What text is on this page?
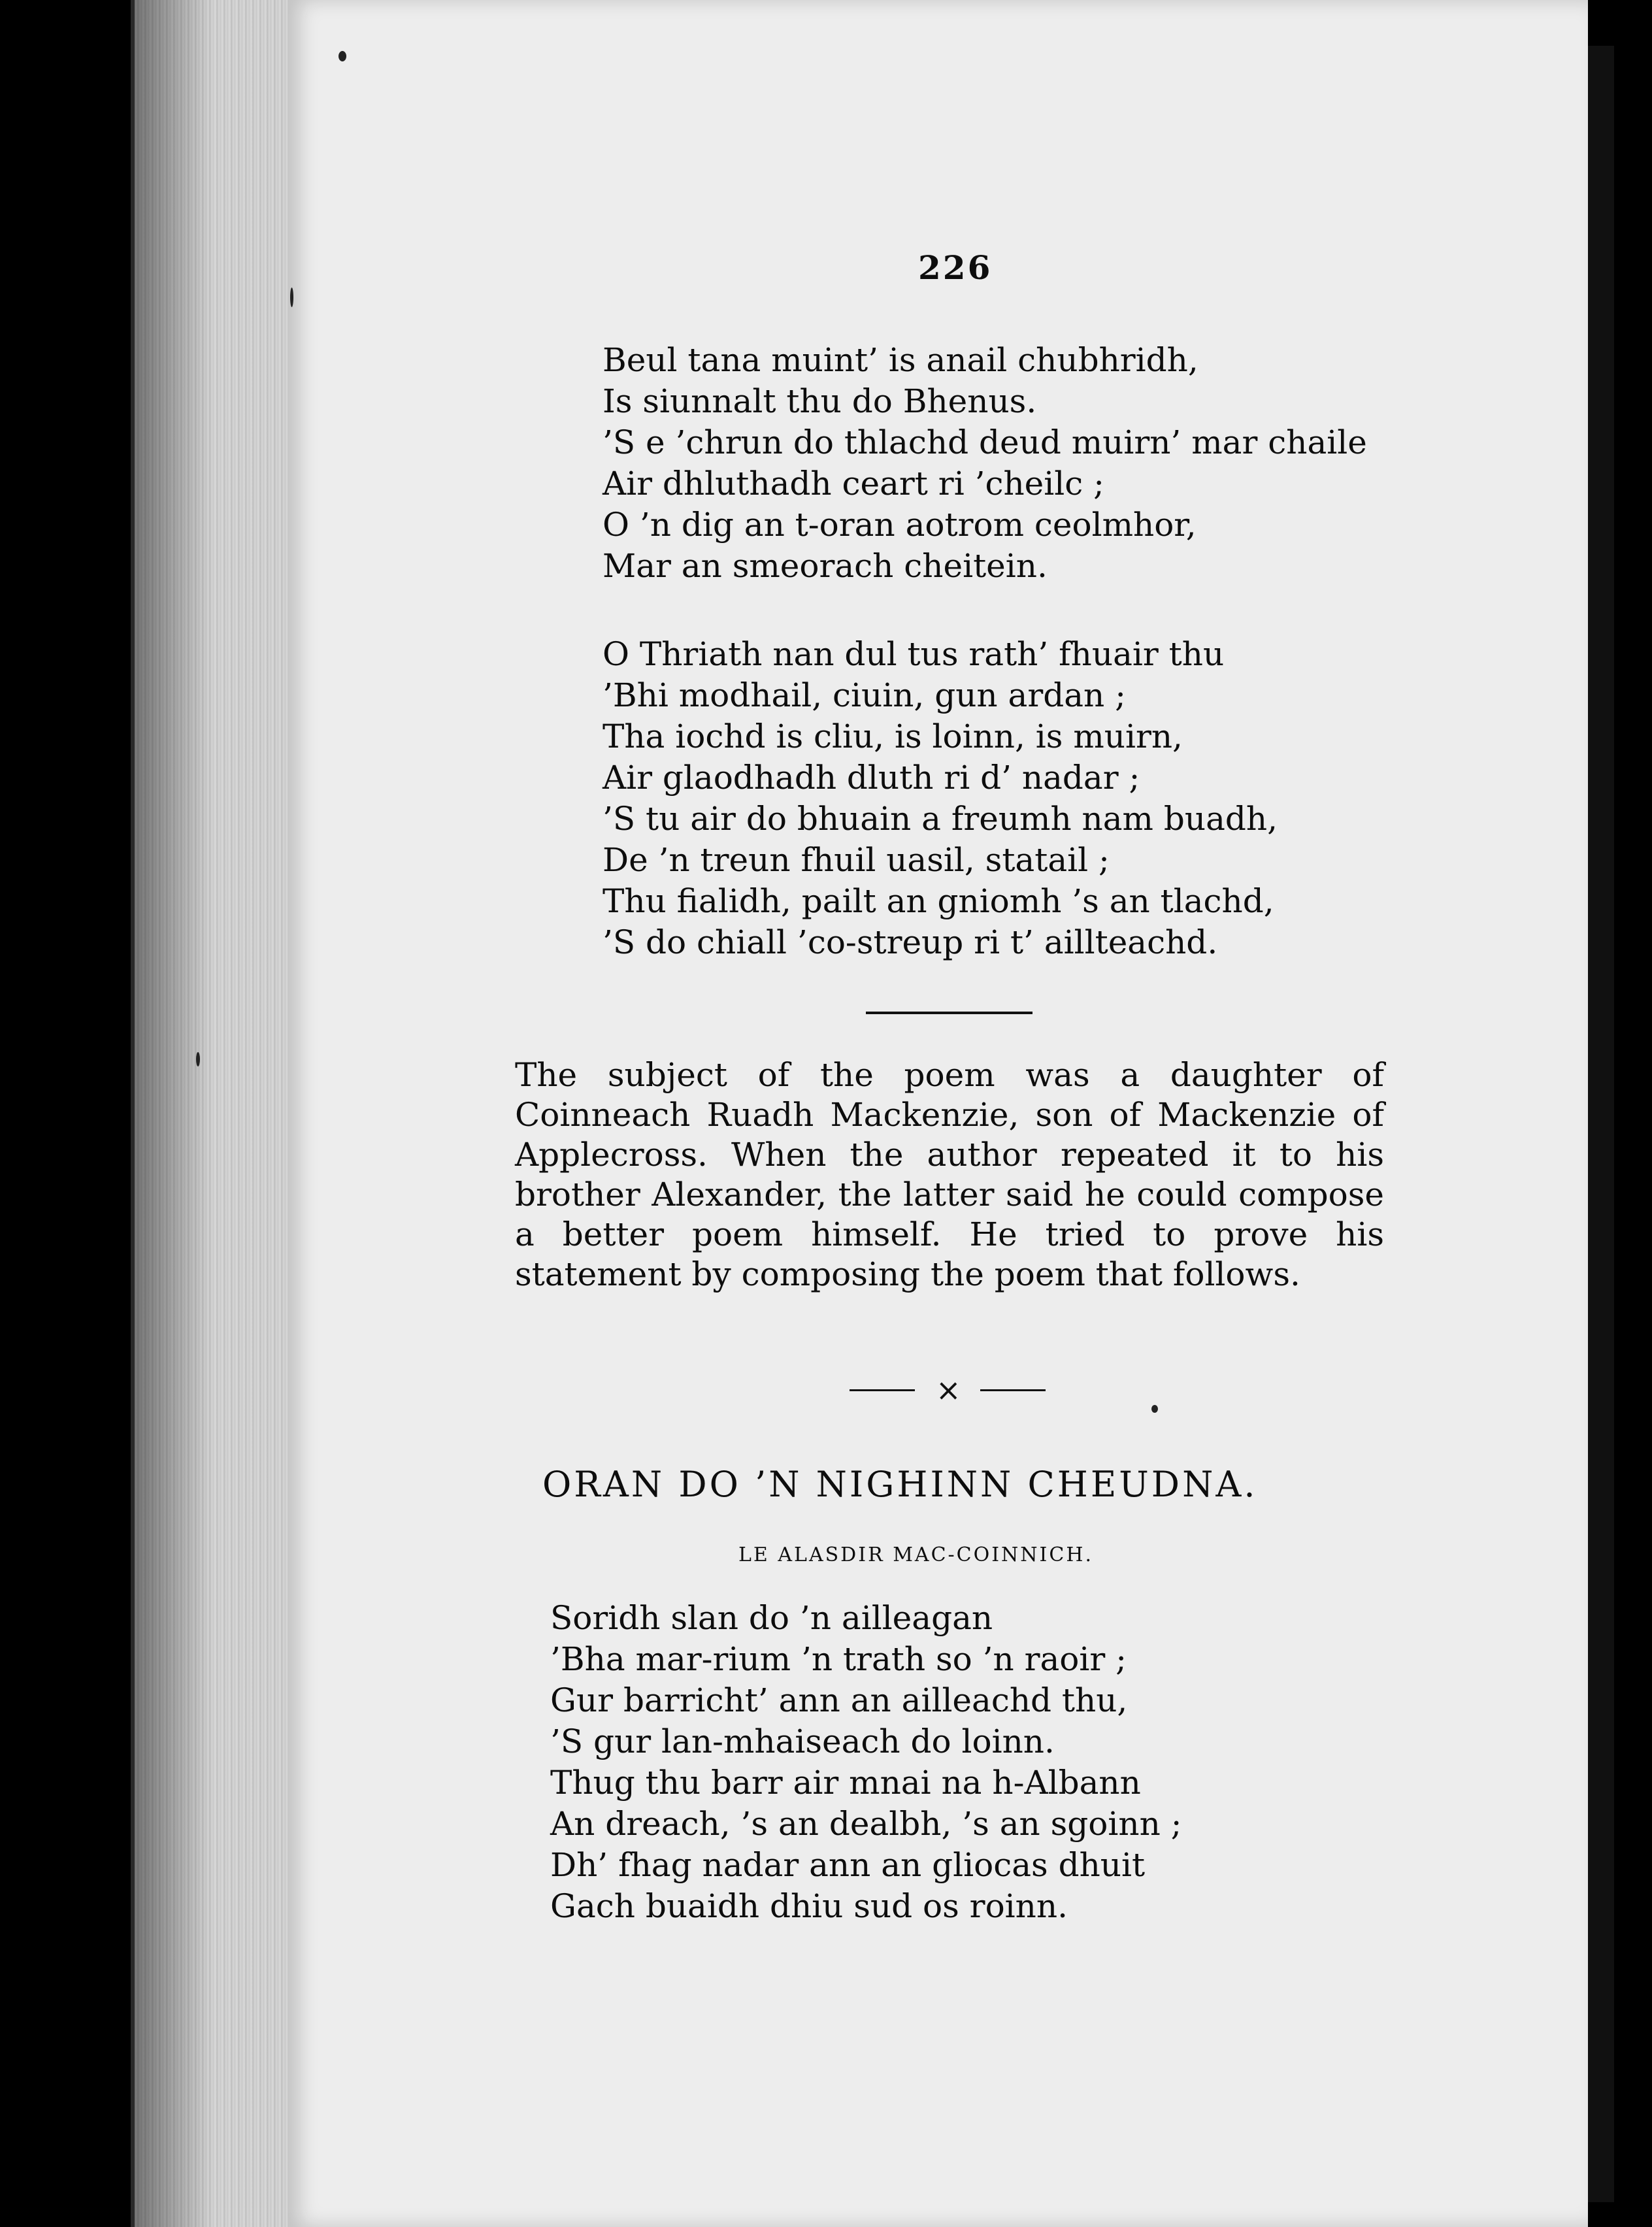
226
Beul tana muint’ is anail chubhridh,
Is siunnalt thu do Bhenus.
’S e ’chrun do thlachd deud muirn’ mar chaile
Air dhluthadh ceart ri ’cheilc ;
O ’n dig an t-oran aotrom ceolmhor,
Mar an smeorach cheitein.
O Thriath nan dul tus rath’ fhuair thu
’Bhi modhail, ciuin, gun ardan ;
Tha iochd is cliu, is loinn, is muirn,
Air glaodhadh dluth ri d’ nadar ;
’S tu air do bhuain a freumh nam buadh,
De ’n treun fhuil uasil, statail ;
Thu fialidh, pailt an gniomh ’s an tlachd,
’S do chiall ’co-streup ri t’ aillteachd.

The subject of the poem was a daughter of Coinneach Ruadh Mackenzie, son of Mackenzie of Applecross. When the author repeated it to his brother Alexander, the latter said he could compose a better poem himself. He tried to prove his statement by composing the poem that follows.

×
ORAN DO ’N NIGHINN CHEUDNA.
LE ALASDIR MAC-COINNICH.
Soridh slan do ’n ailleagan
’Bha mar-rium ’n trath so ’n raoir ;
Gur barricht’ ann an ailleachd thu,
’S gur lan-mhaiseach do loinn.
Thug thu barr air mnai na h-Albann
An dreach, ’s an dealbh, ’s an sgoinn ;
Dh’ fhag nadar ann an gliocas dhuit
Gach buaidh dhiu sud os roinn.
